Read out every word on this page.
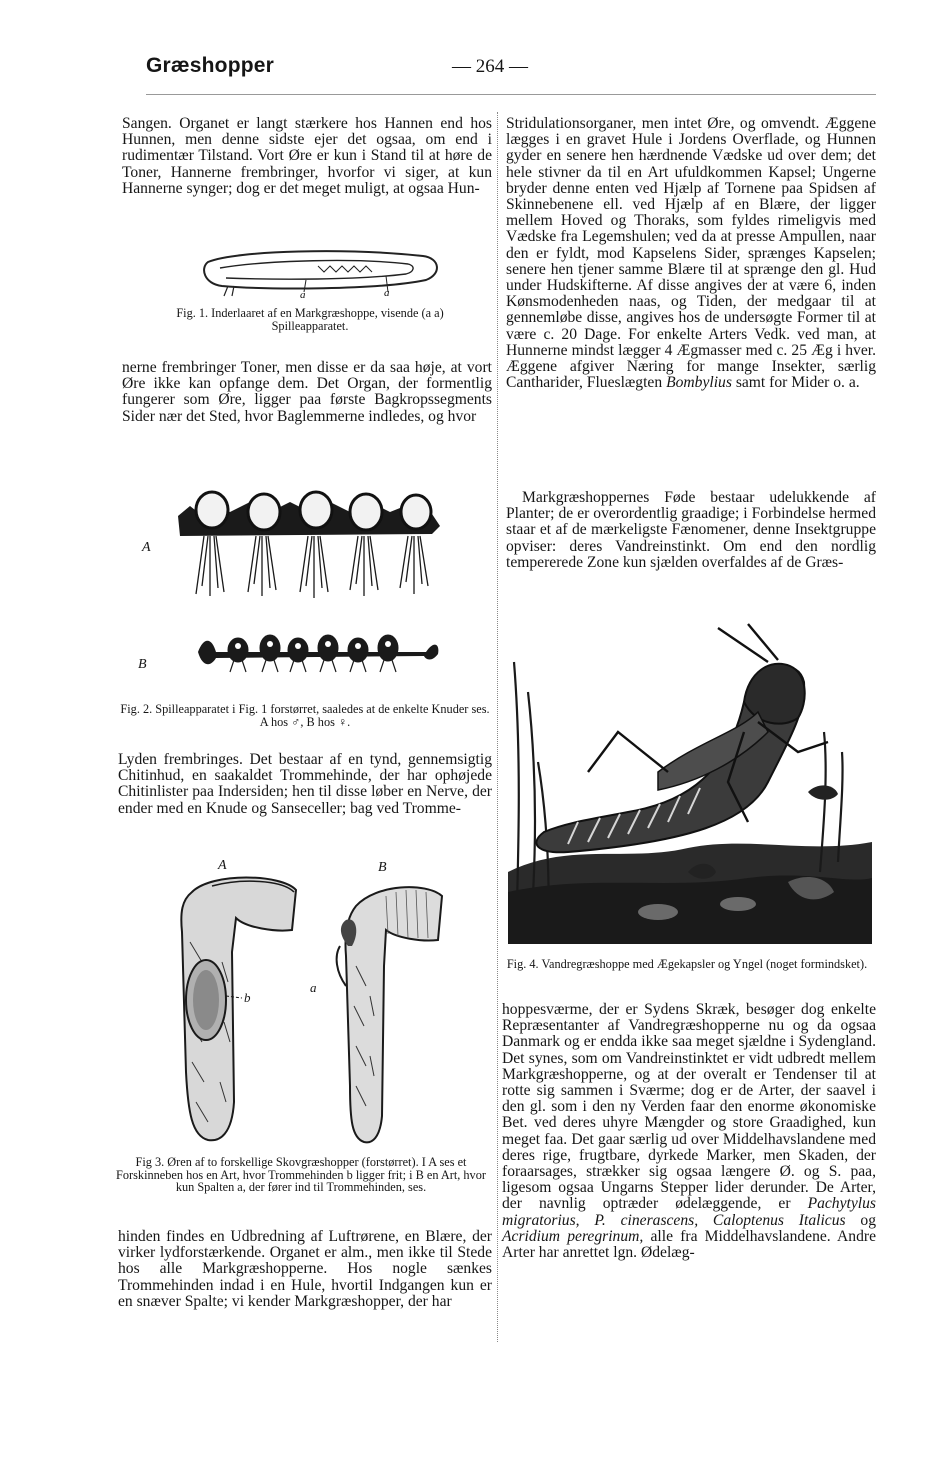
Græshopper	— 264 —

Sangen. Organet er langt stærkere hos Hannen end hos Hunnen, men denne sidste ejer det ogsaa, om end i rudimentær Tilstand. Vort Øre er kun i Stand til at høre de Toner, Hannerne frembringer, hvorfor vi siger, at kun Hannerne synger; dog er det meget muligt, at ogsaa Hun-

a	a

Fig. 1. Inderlaaret af en Markgræshoppe, visende (a a) Spilleapparatet.

nerne frembringer Toner, men disse er da saa høje, at vort Øre ikke kan opfange dem. Det Organ, der formentlig fungerer som Øre, ligger paa første Bagkropssegments Sider nær det Sted, hvor Baglemmerne indledes, og hvor

A
B

Fig. 2. Spilleapparatet i Fig. 1 forstørret, saaledes at de enkelte Knuder ses. A hos ♂, B hos ♀.

Lyden frembringes. Det bestaar af en tynd, gennemsigtig Chitinhud, en saakaldet Trommehinde, der har ophøjede Chitinlister paa Indersiden; hen til disse løber en Nerve, der ender med en Knude og Sanseceller; bag ved Tromme-

A	B
b
a

Fig 3. Øren af to forskellige Skovgræshopper (forstørret). I A ses et Forskinneben hos en Art, hvor Trommehinden b ligger frit; i B en Art, hvor kun Spalten a, der fører ind til Trommehinden, ses.

hinden findes en Udbredning af Luftrørene, en Blære, der virker lydforstærkende. Organet er alm., men ikke til Stede hos alle Markgræshopperne. Hos nogle sænkes Trommehinden indad i en Hule, hvortil Indgangen kun er en snæver Spalte; vi kender Markgræshopper, der har

Stridulationsorganer, men intet Øre, og omvendt. Æggene lægges i en gravet Hule i Jordens Overflade, og Hunnen gyder en senere hen hærdnende Vædske ud over dem; det hele stivner da til en Art ufuldkommen Kapsel; Ungerne bryder denne enten ved Hjælp af Tornene paa Spidsen af Skinnebenene ell. ved Hjælp af en Blære, der ligger mellem Hoved og Thoraks, som fyldes rimeligvis med Vædske fra Legemshulen; ved da at presse Ampullen, naar den er fyldt, mod Kapselens Sider, sprænges Kapselen; senere hen tjener samme Blære til at sprænge den gl. Hud under Hudskifterne. Af disse angives der at være 6, inden Kønsmodenheden naas, og Tiden, der medgaar til at gennemløbe disse, angives hos de undersøgte Former til at være c. 20 Dage. For enkelte Arters Vedk. ved man, at Hunnerne mindst lægger 4 Ægmasser med c. 25 Æg i hver. Æggene afgiver Næring for mange Insekter, særlig Cantharider, Flueslægten Bombylius samt for Mider o. a.

Markgræshoppernes Føde bestaar udelukkende af Planter; de er overordentlig graadige; i Forbindelse hermed staar et af de mærkeligste Fænomener, denne Insektgruppe opviser: deres Vandreinstinkt. Om end den nordlig tempererede Zone kun sjælden overfaldes af de Græs-

Fig. 4. Vandregræshoppe med Ægekapsler og Yngel (noget formindsket).

hoppesværme, der er Sydens Skræk, besøger dog enkelte Repræsentanter af Vandregræshopperne nu og da ogsaa Danmark og er endda ikke saa meget sjældne i Sydengland. Det synes, som om Vandreinstinktet er vidt udbredt mellem Markgræshopperne, og at der overalt er Tendenser til at rotte sig sammen i Sværme; dog er de Arter, der saavel i den gl. som i den ny Verden faar den enorme økonomiske Bet. ved deres uhyre Mængder og store Graadighed, kun meget faa. Det gaar særlig ud over Middelhavslandene med deres rige, frugtbare, dyrkede Marker, men Skaden, der foraarsages, strækker sig ogsaa længere Ø. og S. paa, ligesom ogsaa Ungarns Stepper lider derunder. De Arter, der navnlig optræder ødelæggende, er Pachytylus migratorius, P. cinerascens, Caloptenus Italicus og Acridium peregrinum, alle fra Middelhavslandene. Andre Arter har anrettet lgn. Ødelæg-
